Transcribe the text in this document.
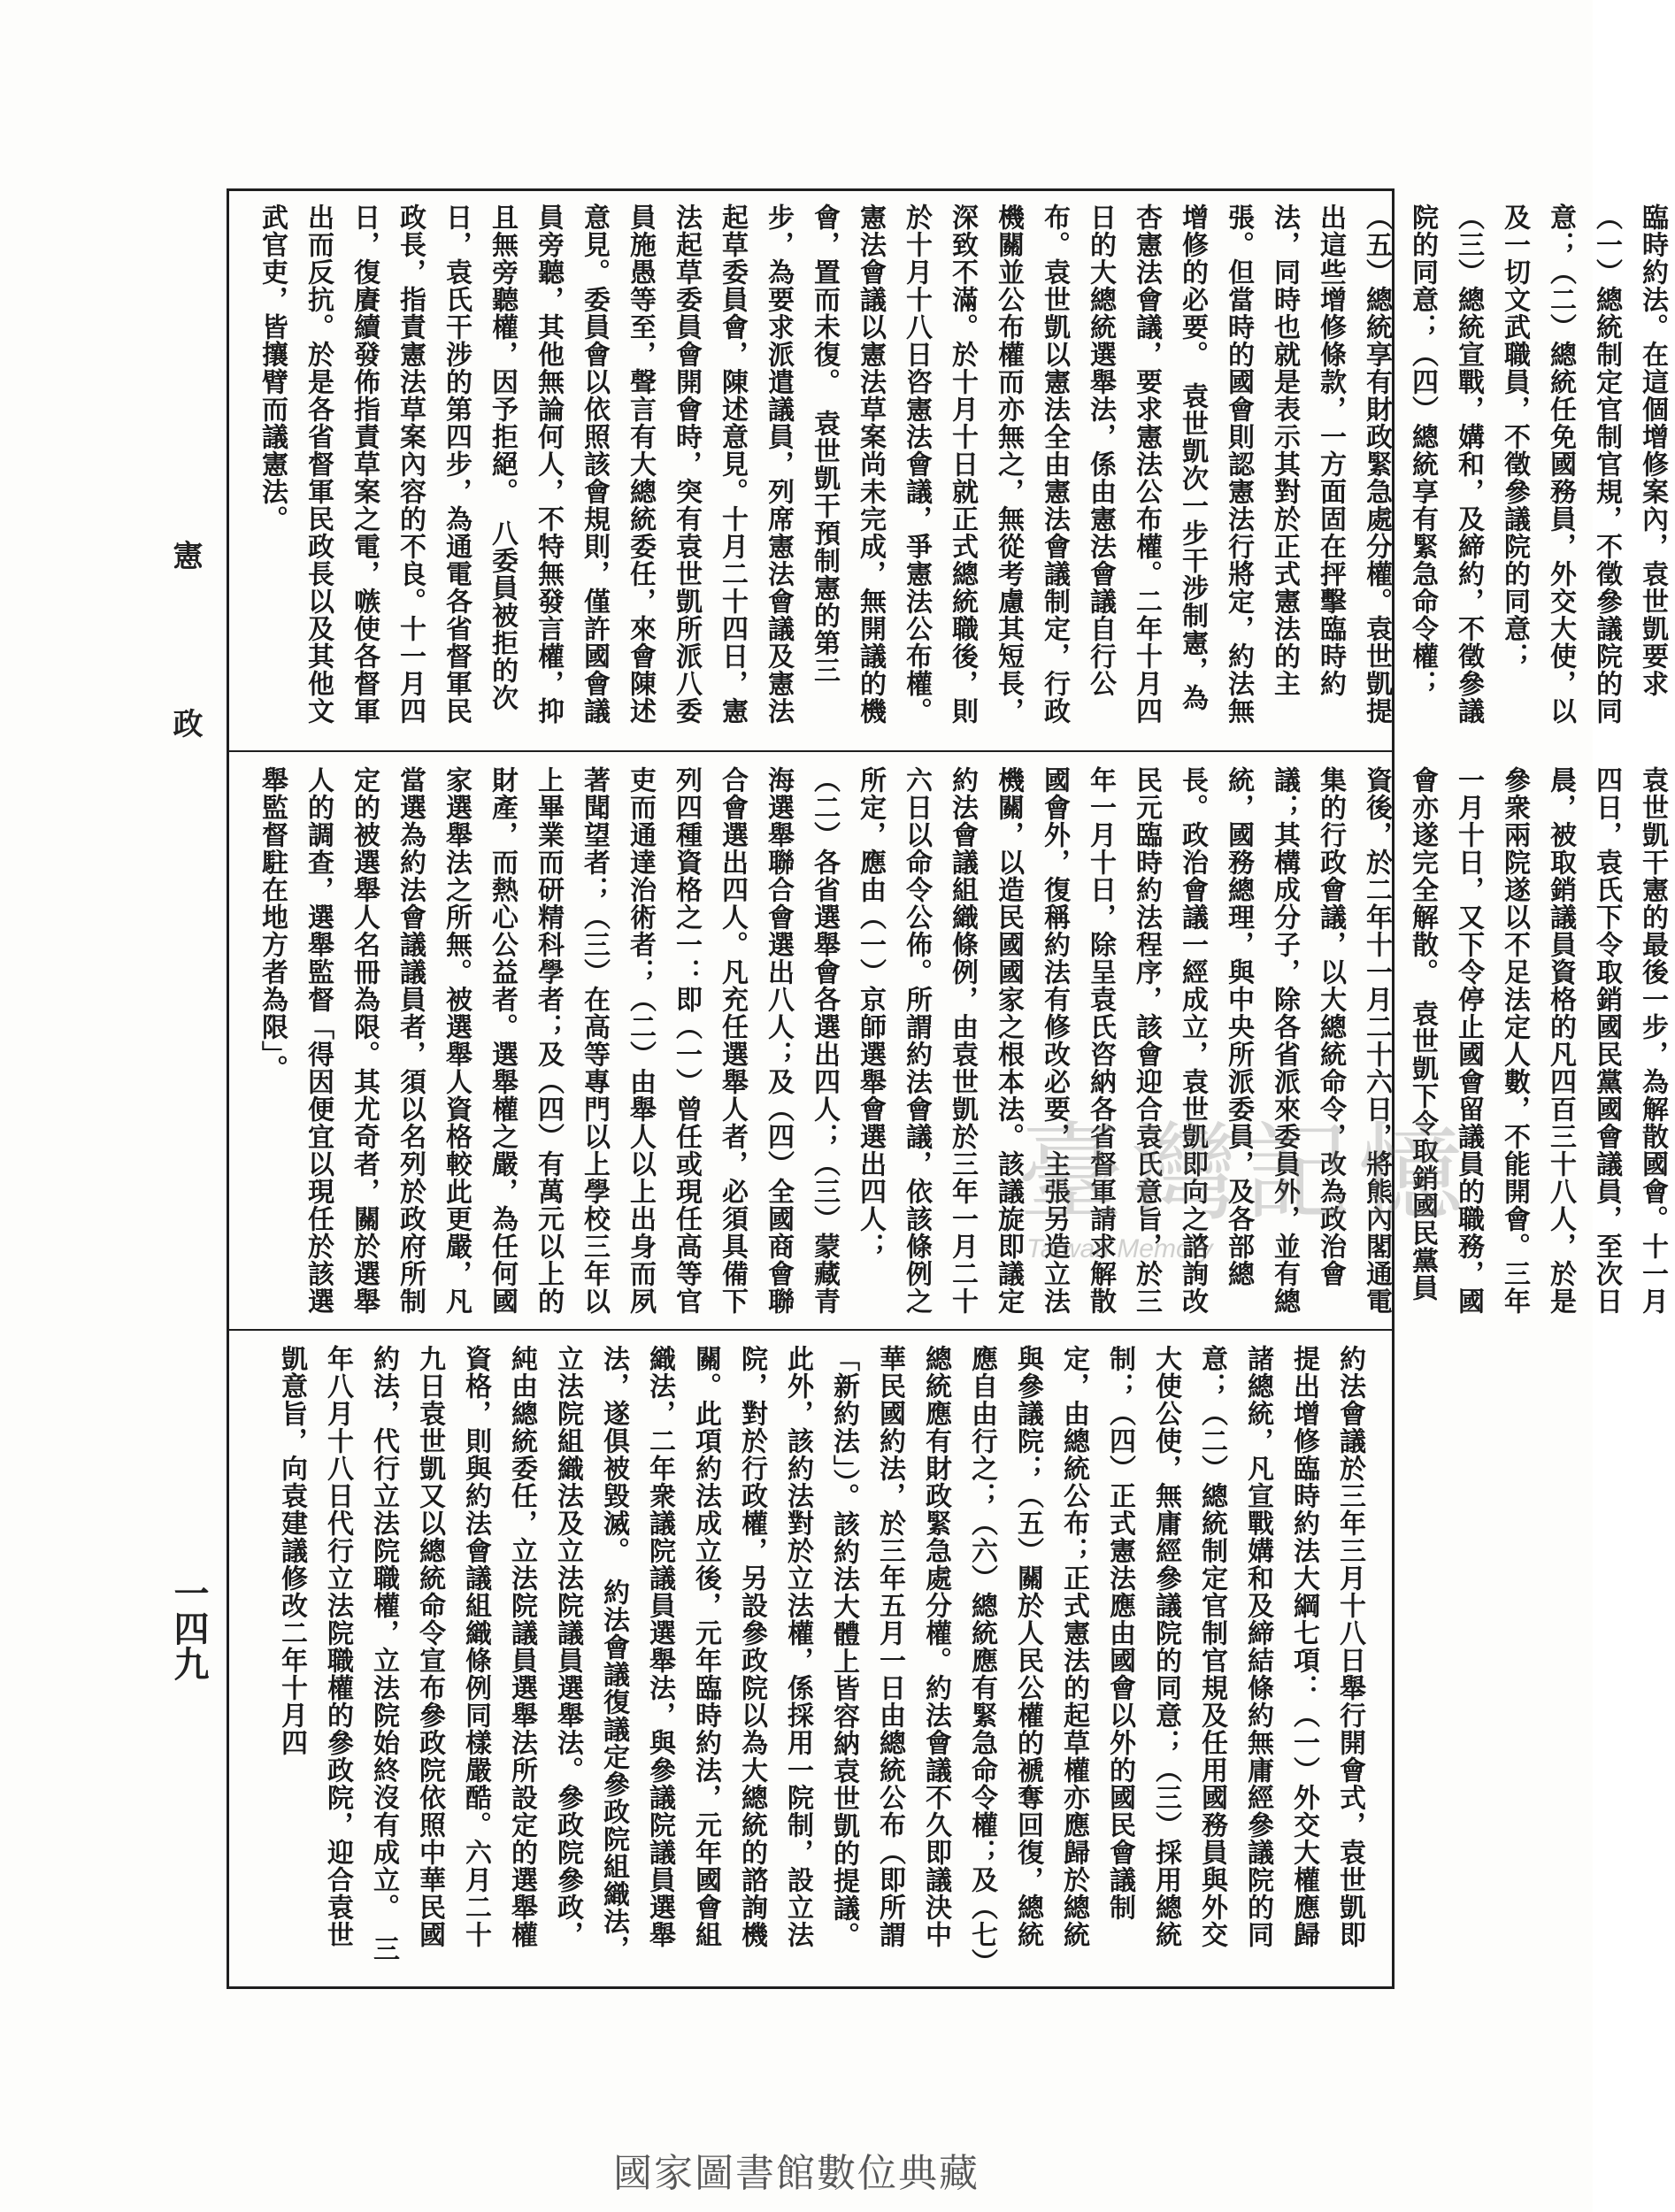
臨時約法。在這個增修案內，袁世凱要求（一）總統制定官制官規，不徵參議院的同意；（二）總統任免國務員，外交大使，以及一切文武職員，不徵參議院的同意；（三）總統宣戰，媾和，及締約，不徵參議院的同意；（四）總統享有緊急命令權；（五）總統享有財政緊急處分權。袁世凱提出這些增修條款，一方面固在抨擊臨時約法，同時也就是表示其對於正式憲法的主張。但當時的國會則認憲法行將定，約法無增修的必要。　袁世凱次一步干涉制憲，為杏憲法會議，要求憲法公布權。二年十月四日的大總統選舉法，係由憲法會議自行公布。袁世凱以憲法全由憲法會議制定，行政機關並公布權而亦無之，無從考慮其短長，深致不滿。於十月十日就正式總統職後，則於十月十八日咨憲法會議，爭憲法公布權。憲法會議以憲法草案尚未完成，無開議的機會，置而未復。　袁世凱干預制憲的第三步，為要求派遣議員，列席憲法會議及憲法起草委員會，陳述意見。十月二十四日，憲法起草委員會開會時，突有袁世凱所派八委員施愚等至，聲言有大總統委任，來會陳述意見。委員會以依照該會規則，僅許國會議員旁聽，其他無論何人，不特無發言權，抑且無旁聽權，因予拒絕。　八委員被拒的次日，袁氏干涉的第四步，為通電各省督軍民政長，指責憲法草案內容的不良。十一月四日，復賡續發佈指責草案之電，嗾使各督軍出而反抗。於是各省督軍民政長以及其他文武官吏，皆攘臂而議憲法。
袁世凱干憲的最後一步，為解散國會。十一月四日，袁氏下令取銷國民黨國會議員，至次日晨，被取銷議員資格的凡四百三十八人，於是參衆兩院遂以不足法定人數，不能開會。三年一月十日，又下令停止國會留議員的職務，國會亦遂完全解散。　袁世凱下令取銷國民黨員資後，於二年十一月二十六日，將熊內閣通電集的行政會議，以大總統命令，改為政治會議；其構成分子，除各省派來委員外，並有總統，國務總理，與中央所派委員，及各部總長。政治會議一經成立，袁世凱即向之諮詢改民元臨時約法程序，該會迎合袁氏意旨，於三年一月十日，除呈袁氏咨納各省督軍請求解散國會外，復稱約法有修改必要，主張另造立法機關，以造民國國家之根本法。該議旋即議定約法會議組織條例，由袁世凱於三年一月二十六日以命令公佈。所謂約法會議，依該條例之所定，應由（一）京師選舉會選出四人；（二）各省選舉會各選出四人；（三）蒙藏青海選舉聯合會選出八人；及（四）全國商會聯合會選出四人。凡充任選舉人者，必須具備下列四種資格之一：即（一）曾任或現任高等官吏而通達治術者；（二）由舉人以上出身而夙著聞望者；（三）在高等專門以上學校三年以上畢業而研精科學者；及（四）有萬元以上的財產，而熱心公益者。選舉權之嚴，為任何國家選舉法之所無。被選舉人資格較此更嚴，凡當選為約法會議議員者，須以名列於政府所制定的被選舉人名冊為限。其尤奇者，關於選舉人的調查，選舉監督「得因便宜以現任於該選舉監督駐在地方者為限」。
約法會議於三年三月十八日舉行開會式，袁世凱即提出增修臨時約法大綱七項：（一）外交大權應歸諸總統，凡宣戰媾和及締結條約無庸經參議院的同意；（二）總統制定官制官規及任用國務員與外交大使公使，無庸經參議院的同意；（三）採用總統制；（四）正式憲法應由國會以外的國民會議制定，由總統公布；正式憲法的起草權亦應歸於總統與參議院；（五）關於人民公權的褫奪回復，總統應自由行之；（六）總統應有緊急命令權；及（七）總統應有財政緊急處分權。約法會議不久即議決中華民國約法，於三年五月一日由總統公布（即所謂「新約法」）。該約法大體上皆容納袁世凱的提議。此外，該約法對於立法權，係採用一院制，設立法院，對於行政權，另設參政院以為大總統的諮詢機關。此項約法成立後，元年臨時約法，元年國會組織法，二年衆議院議員選舉法，與參議院議員選舉法，遂俱被毀滅。　約法會議復議定參政院組織法，立法院組織法及立法院議員選舉法。參政院參政，純由總統委任，立法院議員選舉法所設定的選舉權資格，則與約法會議組織條例同樣嚴酷。六月二十九日袁世凱又以總統命令宣布參政院依照中華民國約法，代行立法院職權，立法院始終沒有成立。　三年八月十八日代行立法院職權的參政院，迎合袁世凱意旨，向袁建議修改二年十月四
憲
政
一四九
臺灣記憶
Taiwan Memory
國家圖書館數位典藏
